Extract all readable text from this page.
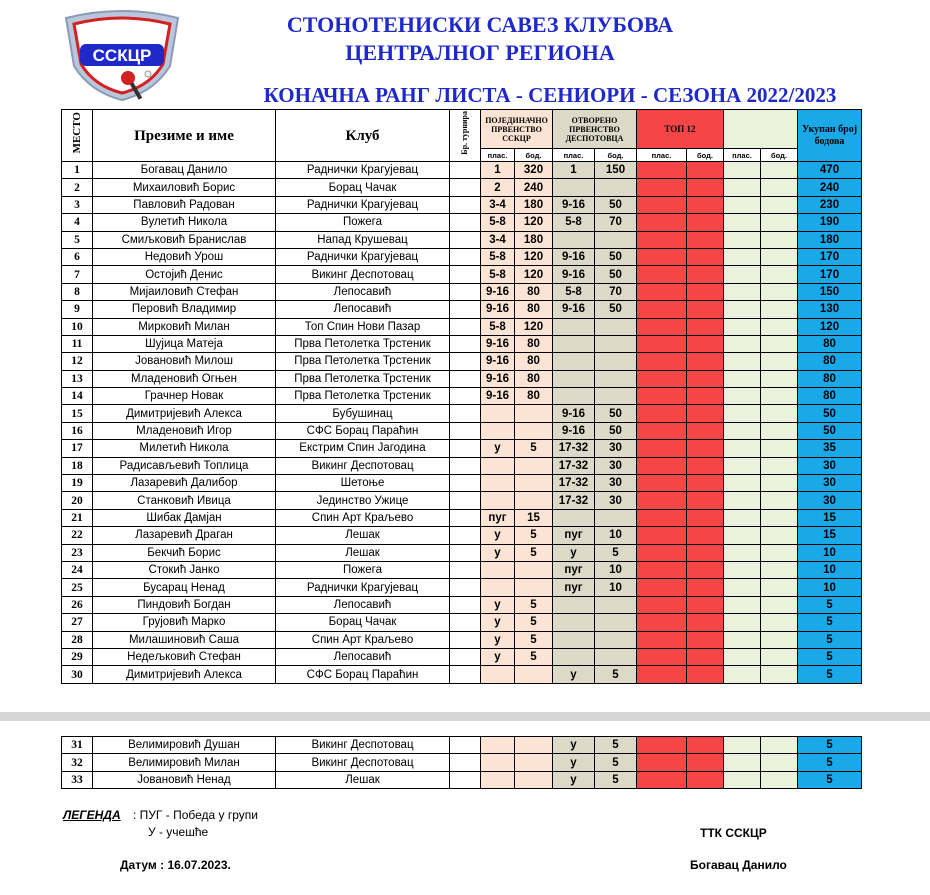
ССКЦР
СТОНОТЕНИСКИ САВЕЗ КЛУБОВА
ЦЕНТРАЛНОГ РЕГИОНА
КОНАЧНА РАНГ ЛИСТА - СЕНИОРИ - СЕЗОНА 2022/2023
МЕСТО	Презиме и име	Клуб	Бр. турнира	ПОЈЕДИНАЧНО ПРВЕНСТВО ССКЦР		ОТВОРЕНО ПРВЕНСТВО ДЕСПОТОВЦА		ТОП 12				Укупан број бодова
				плас.	бод.	плас.	бод.	плас.	бод.	плас.	бод.	
1	Богавац Данило	Раднички Крагујевац		1	320	1	150					470
2	Михаиловић Борис	Борац Чачак		2	240							240
3	Павловић Радован	Раднички Крагујевац		3-4	180	9-16	50					230
4	Вулетић Никола	Пожега		5-8	120	5-8	70					190
5	Смиљковић Бранислав	Напад Крушевац		3-4	180							180
6	Недовић Урош	Раднички Крагујевац		5-8	120	9-16	50					170
7	Остојић Денис	Викинг Деспотовац		5-8	120	9-16	50					170
8	Мијаиловић Стефан	Лепосавић		9-16	80	5-8	70					150
9	Перовић Владимир	Лепосавић		9-16	80	9-16	50					130
10	Мирковић Милан	Топ Спин Нови Пазар		5-8	120							120
11	Шујица Матеја	Прва Петолетка Трстеник		9-16	80							80
12	Јовановић Милош	Прва Петолетка Трстеник		9-16	80							80
13	Младеновић Огњен	Прва Петолетка Трстеник		9-16	80							80
14	Грачнер Новак	Прва Петолетка Трстеник		9-16	80							80
15	Димитријевић Алекса	Бубушинац				9-16	50					50
16	Младеновић Игор	СФС Борац Параћин				9-16	50					50
17	Милетић Никола	Екстрим Спин Јагодина		у	5	17-32	30					35
18	Радисављевић Топлица	Викинг Деспотовац				17-32	30					30
19	Лазаревић Далибор	Шетоње				17-32	30					30
20	Станковић Ивица	Јединство Ужице				17-32	30					30
21	Шибак Дамјан	Спин Арт Краљево		пуг	15							15
22	Лазаревић Драган	Лешак		у	5	пуг	10					15
23	Бекчић Борис	Лешак		у	5	у	5					10
24	Стокић Јанко	Пожега				пуг	10					10
25	Бусарац Ненад	Раднички Крагујевац				пуг	10					10
26	Пиндовић Богдан	Лепосавић		у	5							5
27	Грујовић Марко	Борац Чачак		у	5							5
28	Милашиновић Саша	Спин Арт Краљево		у	5							5
29	Недељковић Стефан	Лепосавић		у	5							5
30	Димитријевић Алекса	СФС Борац Параћин				у	5					5
31	Велимировић Душан	Викинг Деспотовац				у	5					5
32	Велимировић Милан	Викинг Деспотовац				у	5					5
33	Јовановић Ненад	Лешак				у	5					5
ЛЕГЕНДА : ПУГ - Победа у групи
У - учешће	ТТК ССКЦР
Датум : 16.07.2023.	Богавац Данило
